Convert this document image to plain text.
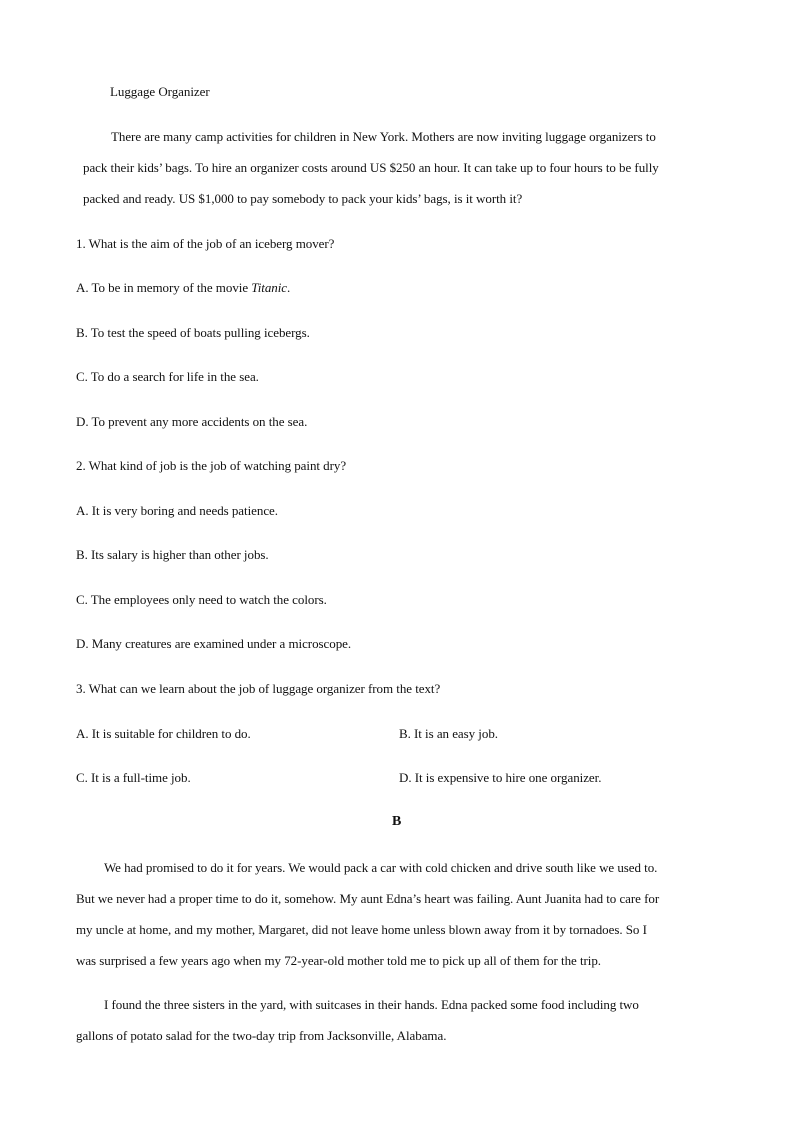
Luggage Organizer
There are many camp activities for children in New York. Mothers are now inviting luggage organizers to
pack their kids’ bags. To hire an organizer costs around US $250 an hour. It can take up to four hours to be fully
packed and ready. US $1,000 to pay somebody to pack your kids’ bags, is it worth it?
1. What is the aim of the job of an iceberg mover?
A. To be in memory of the movie Titanic.
B. To test the speed of boats pulling icebergs.
C. To do a search for life in the sea.
D. To prevent any more accidents on the sea.
2. What kind of job is the job of watching paint dry?
A. It is very boring and needs patience.
B. Its salary is higher than other jobs.
C. The employees only need to watch the colors.
D. Many creatures are examined under a microscope.
3. What can we learn about the job of luggage organizer from the text?
A. It is suitable for children to do.	B. It is an easy job.
C. It is a full-time job.	D. It is expensive to hire one organizer.
B
We had promised to do it for years. We would pack a car with cold chicken and drive south like we used to.
But we never had a proper time to do it, somehow. My aunt Edna’s heart was failing. Aunt Juanita had to care for
my uncle at home, and my mother, Margaret, did not leave home unless blown away from it by tornadoes. So I
was surprised a few years ago when my 72-year-old mother told me to pick up all of them for the trip.
I found the three sisters in the yard, with suitcases in their hands. Edna packed some food including two
gallons of potato salad for the two-day trip from Jacksonville, Alabama.
